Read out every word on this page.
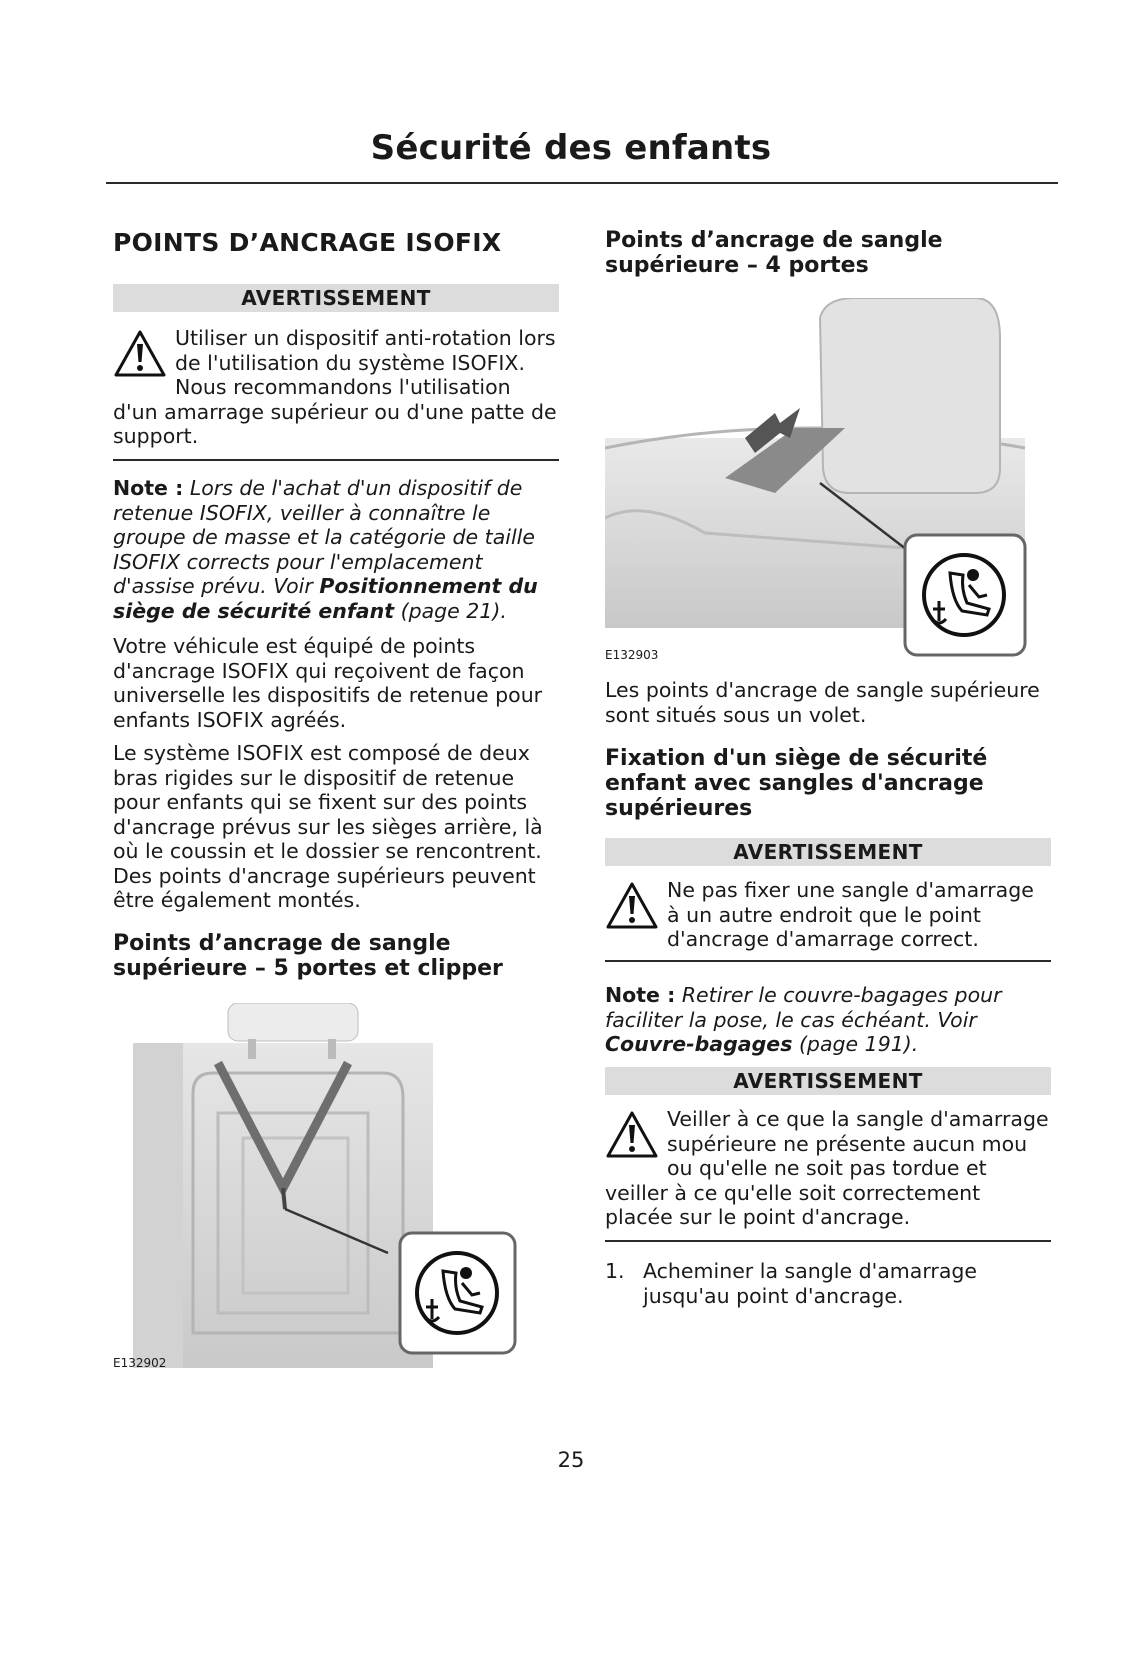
Sécurité des enfants
POINTS D’ANCRAGE ISOFIX
AVERTISSEMENT
Utiliser un dispositif anti-rotation lors de l'utilisation du système ISOFIX. Nous recommandons l'utilisation d'un amarrage supérieur ou d'une patte de support.
Note : Lors de l'achat d'un dispositif de retenue ISOFIX, veiller à connaître le groupe de masse et la catégorie de taille ISOFIX corrects pour l'emplacement d'assise prévu. Voir Positionnement du siège de sécurité enfant (page 21).
Votre véhicule est équipé de points d'ancrage ISOFIX qui reçoivent de façon universelle les dispositifs de retenue pour enfants ISOFIX agréés.
Le système ISOFIX est composé de deux bras rigides sur le dispositif de retenue pour enfants qui se fixent sur des points d'ancrage prévus sur les sièges arrière, là où le coussin et le dossier se rencontrent. Des points d'ancrage supérieurs peuvent être également montés.
Points d’ancrage de sangle supérieure – 5 portes et clipper
E132902
Points d’ancrage de sangle supérieure – 4 portes
E132903
Les points d'ancrage de sangle supérieure sont situés sous un volet.
Fixation d'un siège de sécurité enfant avec sangles d'ancrage supérieures
AVERTISSEMENT
Ne pas fixer une sangle d'amarrage à un autre endroit que le point d'ancrage d'amarrage correct.
Note : Retirer le couvre-bagages pour faciliter la pose, le cas échéant. Voir Couvre-bagages (page 191).
AVERTISSEMENT
Veiller à ce que la sangle d'amarrage supérieure ne présente aucun mou ou qu'elle ne soit pas tordue et veiller à ce qu'elle soit correctement placée sur le point d'ancrage.
1. Acheminer la sangle d'amarrage jusqu'au point d'ancrage.
25
